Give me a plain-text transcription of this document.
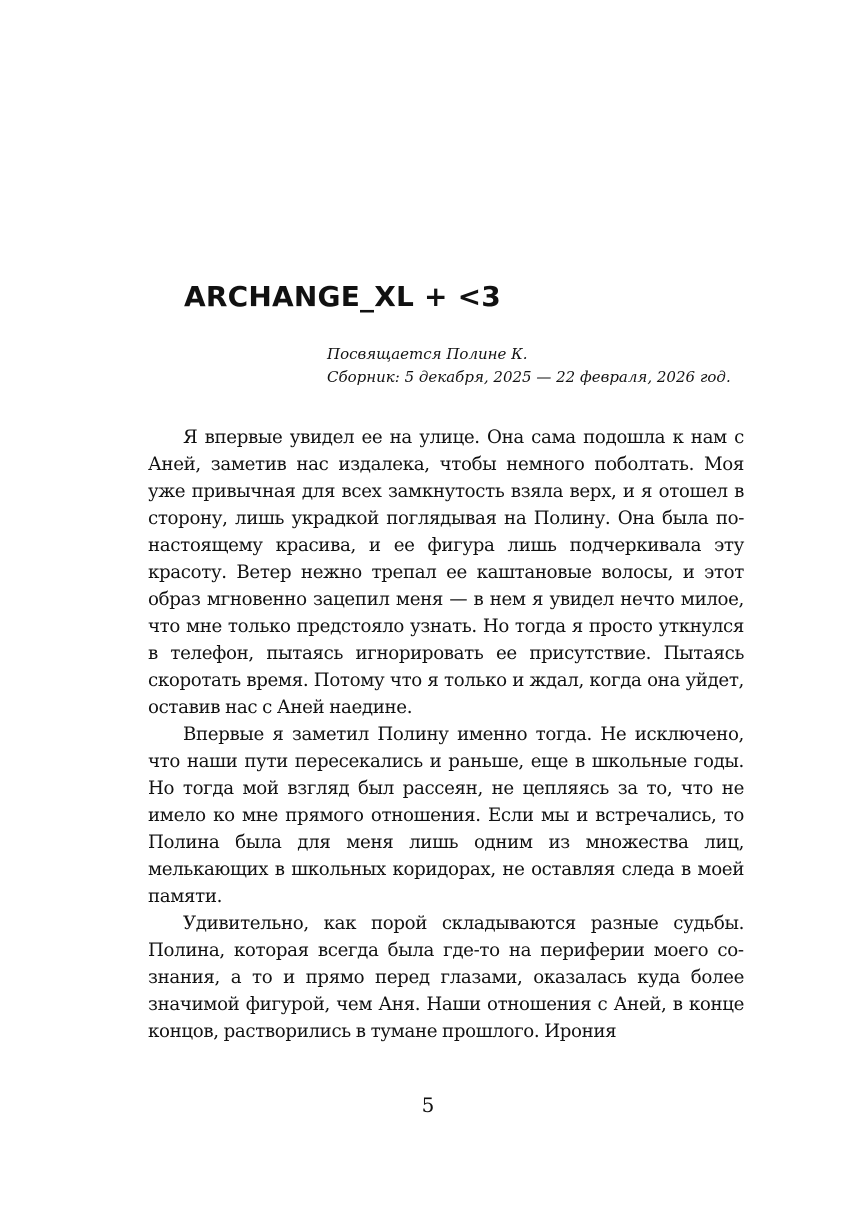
ARCHANGE_XL + <3
Посвящается Полине К.
Сборник: 5 декабря, 2025 — 22 февраля, 2026 год.

Я впервые увидел ее на улице. Она сама подошла к нам с Аней, заметив нас издалека, чтобы немного поболтать. Моя уже привычная для всех замкнутость взяла верх, и я отошел в сторону, лишь украдкой поглядывая на Полину. Она была по-настоящему красива, и ее фигура лишь подчеркивала эту красоту. Ветер нежно трепал ее каштановые волосы, и этот образ мгновенно зацепил меня — в нем я увидел нечто милое, что мне только предстояло узнать. Но тогда я просто уткнулся в телефон, пытаясь игнорировать ее присутствие. Пытаясь скоротать время. Потому что я только и ждал, когда она уйдет, оставив нас с Аней наедине.

Впервые я заметил Полину именно тогда. Не исключено, что наши пути пересекались и раньше, еще в школьные годы. Но тогда мой взгляд был рассеян, не цепляясь за то, что не имело ко мне прямого отношения. Если мы и встречались, то Полина была для меня лишь одним из множества лиц, мелькающих в школьных коридорах, не оставляя следа в моей памяти.

Удивительно, как порой складываются разные судьбы. Полина, которая всегда была где-то на периферии моего сознания, а то и прямо перед глазами, оказалась куда более значимой фигурой, чем Аня. Наши отношения с Аней, в конце концов, растворились в тумане прошлого. Ирония

5
